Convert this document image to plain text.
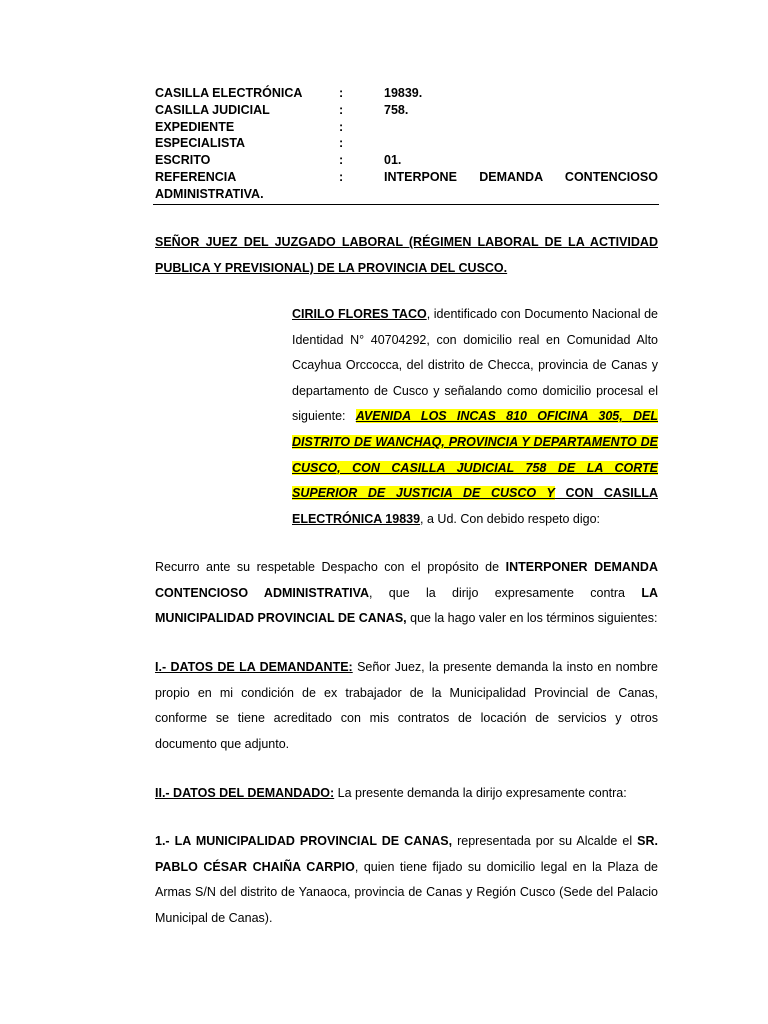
CASILLA ELECTRÓNICA	:	19839.
CASILLA JUDICIAL	:	758.
EXPEDIENTE	:
ESPECIALISTA	:
ESCRITO	:	01.
REFERENCIA	:	INTERPONE DEMANDA CONTENCIOSO
ADMINISTRATIVA.
SEÑOR JUEZ DEL JUZGADO LABORAL (RÉGIMEN LABORAL DE LA ACTIVIDAD PUBLICA Y PREVISIONAL) DE LA PROVINCIA DEL CUSCO.
CIRILO FLORES TACO, identificado con Documento Nacional de Identidad N° 40704292, con domicilio real en Comunidad Alto Ccayhua Orccocca, del distrito de Checca, provincia de Canas y departamento de Cusco y señalando como domicilio procesal el siguiente: AVENIDA LOS INCAS 810 OFICINA 305, DEL DISTRITO DE WANCHAQ, PROVINCIA Y DEPARTAMENTO DE CUSCO, CON CASILLA JUDICIAL 758 DE LA CORTE SUPERIOR DE JUSTICIA DE CUSCO Y CON CASILLA ELECTRÓNICA 19839, a Ud. Con debido respeto digo:
Recurro ante su respetable Despacho con el propósito de INTERPONER DEMANDA CONTENCIOSO ADMINISTRATIVA, que la dirijo expresamente contra LA MUNICIPALIDAD PROVINCIAL DE CANAS, que la hago valer en los términos siguientes:
I.- DATOS DE LA DEMANDANTE: Señor Juez, la presente demanda la insto en nombre propio en mi condición de ex trabajador de la Municipalidad Provincial de Canas, conforme se tiene acreditado con mis contratos de locación de servicios y otros documento que adjunto.
II.- DATOS DEL DEMANDADO: La presente demanda la dirijo expresamente contra:
1.- LA MUNICIPALIDAD PROVINCIAL DE CANAS, representada por su Alcalde el SR. PABLO CÉSAR CHAIÑA CARPIO, quien tiene fijado su domicilio legal en la Plaza de Armas S/N del distrito de Yanaoca, provincia de Canas y Región Cusco (Sede del Palacio Municipal de Canas).
